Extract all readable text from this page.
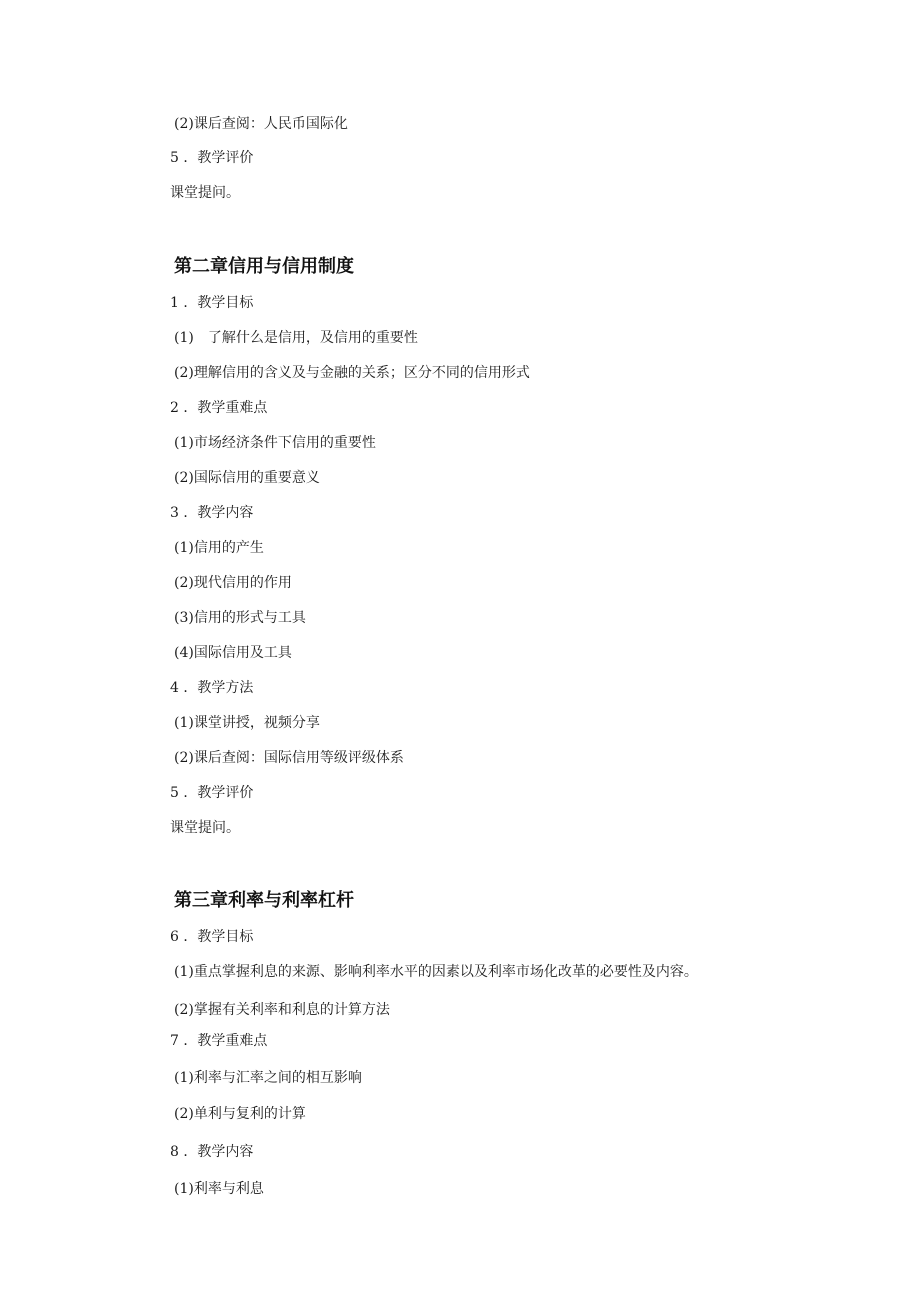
(2)课后查阅：人民币国际化
5 ．教学评价
课堂提问。
第二章信用与信用制度
1 ．教学目标
(1)　了解什么是信用，及信用的重要性
(2)理解信用的含义及与金融的关系；区分不同的信用形式
2 ．教学重难点
(1)市场经济条件下信用的重要性
(2)国际信用的重要意义
3 ．教学内容
(1)信用的产生
(2)现代信用的作用
(3)信用的形式与工具
(4)国际信用及工具
4 ．教学方法
(1)课堂讲授，视频分享
(2)课后查阅：国际信用等级评级体系
5 ．教学评价
课堂提问。
第三章利率与利率杠杆
6 ．教学目标
(1)重点掌握利息的来源、影响利率水平的因素以及利率市场化改革的必要性及内容。
(2)掌握有关利率和利息的计算方法
7 ．教学重难点
(1)利率与汇率之间的相互影响
(2)单利与复利的计算
8 ．教学内容
(1)利率与利息
